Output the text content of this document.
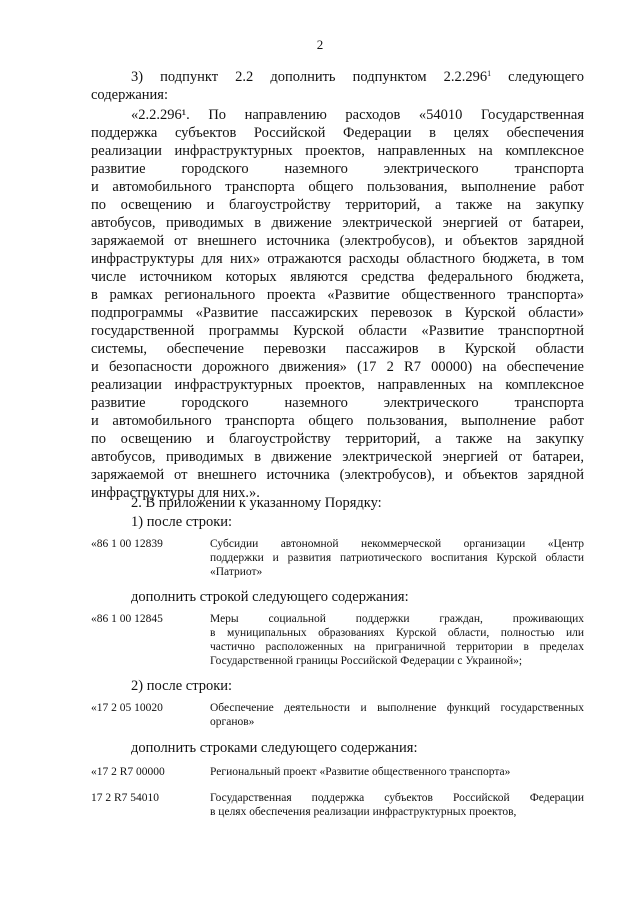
2
3) подпункт 2.2 дополнить подпунктом 2.2.296$^1$ следующего
содержания:
«2.2.296¹. По направлению расходов «54010 Государственная
поддержка субъектов Российской Федерации в целях обеспечения
реализации инфраструктурных проектов, направленных на комплексное
развитие городского наземного электрического транспорта
и автомобильного транспорта общего пользования, выполнение работ
по освещению и благоустройству территорий, а также на закупку
автобусов, приводимых в движение электрической энергией от батареи,
заряжаемой от внешнего источника (электробусов), и объектов зарядной
инфраструктуры для них» отражаются расходы областного бюджета, в том
числе источником которых являются средства федерального бюджета,
в рамках регионального проекта «Развитие общественного транспорта»
подпрограммы «Развитие пассажирских перевозок в Курской области»
государственной программы Курской области «Развитие транспортной
системы, обеспечение перевозки пассажиров в Курской области
и безопасности дорожного движения» (17 2 R7 00000) на обеспечение
реализации инфраструктурных проектов, направленных на комплексное
развитие городского наземного электрического транспорта
и автомобильного транспорта общего пользования, выполнение работ
по освещению и благоустройству территорий, а также на закупку
автобусов, приводимых в движение электрической энергией от батареи,
заряжаемой от внешнего источника (электробусов), и объектов зарядной
инфраструктуры для них.».
2. В приложении к указанному Порядку:
1) после строки:
«86 1 00 12839	Субсидии автономной некоммерческой организации «Центр
поддержки и развития патриотического воспитания Курской области
«Патриот»
дополнить строкой следующего содержания:
«86 1 00 12845	Меры социальной поддержки граждан, проживающих
в муниципальных образованиях Курской области, полностью или
частично расположенных на приграничной территории в пределах
Государственной границы Российской Федерации с Украиной»;
2) после строки:
«17 2 05 10020	Обеспечение деятельности и выполнение функций государственных
органов»
дополнить строками следующего содержания:
«17 2 R7 00000	Региональный проект «Развитие общественного транспорта»
17 2 R7 54010	Государственная поддержка субъектов Российской Федерации
в целях обеспечения реализации инфраструктурных проектов,
